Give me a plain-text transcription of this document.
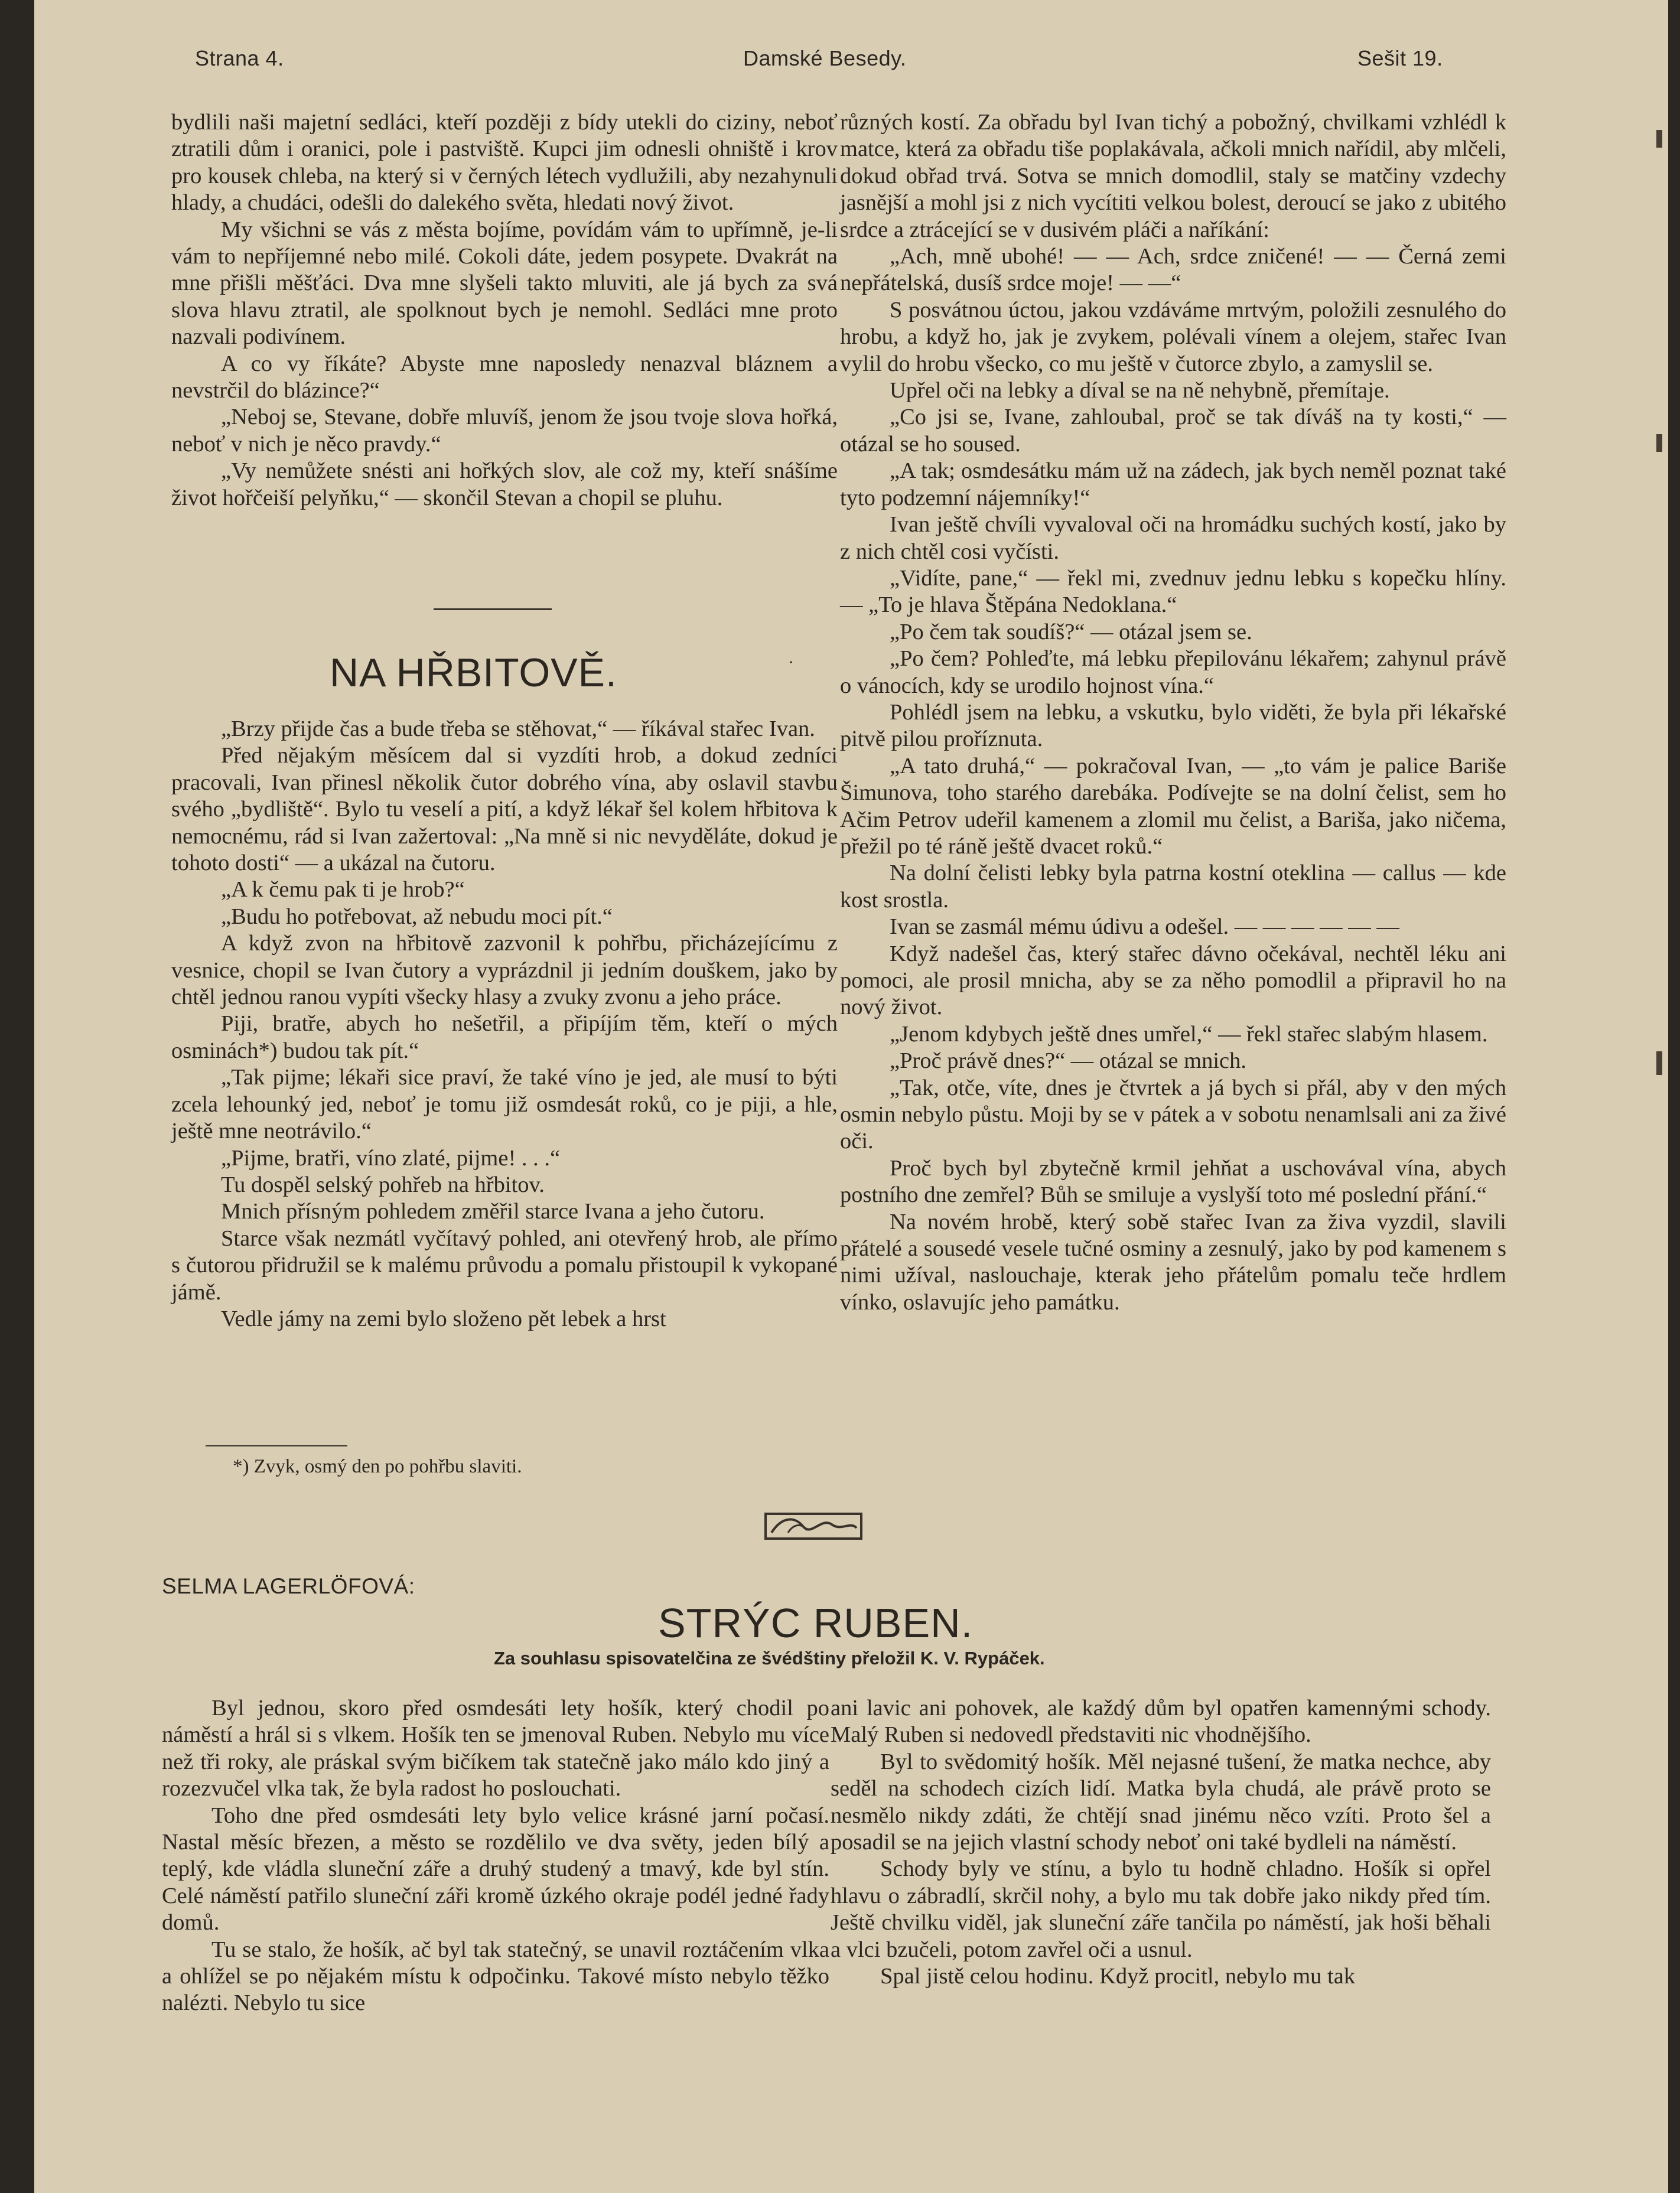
Strana 4.	Damské Besedy.	Sešit 19.

bydlili naši majetní sedláci, kteří později z bídy utekli do ciziny, neboť ztratili dům i oranici, pole i pastviště. Kupci jim odnesli ohniště i krov pro kousek chleba, na který si v černých létech vydlužili, aby nezahynuli hlady, a chudáci, odešli do dalekého světa, hledati nový život.

My všichni se vás z města bojíme, povídám vám to upřímně, je-li vám to nepříjemné nebo milé. Cokoli dáte, jedem posypete. Dvakrát na mne přišli měšťáci. Dva mne slyšeli takto mluviti, ale já bych za svá slova hlavu ztratil, ale spolknout bych je nemohl. Sedláci mne proto nazvali podivínem.

A co vy říkáte? Abyste mne naposledy nenazval bláznem a nevstrčil do blázince?“

„Neboj se, Stevane, dobře mluvíš, jenom že jsou tvoje slova hořká, neboť v nich je něco pravdy.“

„Vy nemůžete snésti ani hořkých slov, ale což my, kteří snášíme život hořčeiší pelyňku,“ — skončil Stevan a chopil se pluhu.

·
NA HŘBITOVĚ.

„Brzy přijde čas a bude třeba se stěhovat,“ — říkával stařec Ivan.

Před nějakým měsícem dal si vyzdíti hrob, a dokud zedníci pracovali, Ivan přinesl několik čutor dobrého vína, aby oslavil stavbu svého „bydliště“. Bylo tu veselí a pití, a když lékař šel kolem hřbitova k nemocnému, rád si Ivan zažertoval: „Na mně si nic nevyděláte, dokud je tohoto dosti“ — a ukázal na čutoru.

„A k čemu pak ti je hrob?“

„Budu ho potřebovat, až nebudu moci pít.“

A když zvon na hřbitově zazvonil k pohřbu, přicházejícímu z vesnice, chopil se Ivan čutory a vyprázdnil ji jedním douškem, jako by chtěl jednou ranou vypíti všecky hlasy a zvuky zvonu a jeho práce.

Piji, bratře, abych ho nešetřil, a připíjím těm, kteří o mých osminách*) budou tak pít.“

„Tak pijme; lékaři sice praví, že také víno je jed, ale musí to býti zcela lehounký jed, neboť je tomu již osmdesát roků, co je piji, a hle, ještě mne neotrávilo.“

„Pijme, bratři, víno zlaté, pijme! . . .“

Tu dospěl selský pohřeb na hřbitov.

Mnich přísným pohledem změřil starce Ivana a jeho čutoru.

Starce však nezmátl vyčítavý pohled, ani otevřený hrob, ale přímo s čutorou přidružil se k malému průvodu a pomalu přistoupil k vykopané jámě.

Vedle jámy na zemi bylo složeno pět lebek a hrst

*) Zvyk, osmý den po pohřbu slaviti.

různých kostí. Za obřadu byl Ivan tichý a pobožný, chvilkami vzhlédl k matce, která za obřadu tiše poplakávala, ačkoli mnich nařídil, aby mlčeli, dokud obřad trvá. Sotva se mnich domodlil, staly se matčiny vzdechy jasnější a mohl jsi z nich vycítiti velkou bolest, deroucí se jako z ubitého srdce a ztrácející se v dusivém pláči a naříkání:

„Ach, mně ubohé! — — Ach, srdce zničené! — — Černá zemi nepřátelská, dusíš srdce moje! — —“

S posvátnou úctou, jakou vzdáváme mrtvým, položili zesnulého do hrobu, a když ho, jak je zvykem, polévali vínem a olejem, stařec Ivan vylil do hrobu všecko, co mu ještě v čutorce zbylo, a zamyslil se.

Upřel oči na lebky a díval se na ně nehybně, přemítaje.

„Co jsi se, Ivane, zahloubal, proč se tak díváš na ty kosti,“ — otázal se ho soused.

„A tak; osmdesátku mám už na zádech, jak bych neměl poznat také tyto podzemní nájemníky!“

Ivan ještě chvíli vyvaloval oči na hromádku suchých kostí, jako by z nich chtěl cosi vyčísti.

„Vidíte, pane,“ — řekl mi, zvednuv jednu lebku s kopečku hlíny. — „To je hlava Štěpána Nedoklana.“

„Po čem tak soudíš?“ — otázal jsem se.

„Po čem? Pohleďte, má lebku přepilovánu lékařem; zahynul právě o vánocích, kdy se urodilo hojnost vína.“

Pohlédl jsem na lebku, a vskutku, bylo viděti, že byla při lékařské pitvě pilou proříznuta.

„A tato druhá,“ — pokračoval Ivan, — „to vám je palice Bariše Šimunova, toho starého darebáka. Podívejte se na dolní čelist, sem ho Ačim Petrov udeřil kamenem a zlomil mu čelist, a Bariša, jako ničema, přežil po té ráně ještě dvacet roků.“

Na dolní čelisti lebky byla patrna kostní oteklina — callus — kde kost srostla.

Ivan se zasmál mému údivu a odešel. — — — — — —

Když nadešel čas, který stařec dávno očekával, nechtěl léku ani pomoci, ale prosil mnicha, aby se za něho pomodlil a připravil ho na nový život.

„Jenom kdybych ještě dnes umřel,“ — řekl stařec slabým hlasem.

„Proč právě dnes?“ — otázal se mnich.

„Tak, otče, víte, dnes je čtvrtek a já bych si přál, aby v den mých osmin nebylo půstu. Moji by se v pátek a v sobotu nenamlsali ani za živé oči.

Proč bych byl zbytečně krmil jehňat a uschovával vína, abych postního dne zemřel? Bůh se smiluje a vyslyší toto mé poslední přání.“

Na novém hrobě, který sobě stařec Ivan za živa vyzdil, slavili přátelé a sousedé vesele tučné osminy a zesnulý, jako by pod kamenem s nimi užíval, naslouchaje, kterak jeho přátelům pomalu teče hrdlem vínko, oslavujíc jeho památku.

SELMA LAGERLÖFOVÁ:
STRÝC RUBEN.
Za souhlasu spisovatelčina ze švédštiny přeložil K. V. Rypáček.

Byl jednou, skoro před osmdesáti lety hošík, který chodil po náměstí a hrál si s vlkem. Hošík ten se jmenoval Ruben. Nebylo mu více než tři roky, ale práskal svým bičíkem tak statečně jako málo kdo jiný a rozezvučel vlka tak, že byla radost ho poslouchati.

Toho dne před osmdesáti lety bylo velice krásné jarní počasí. Nastal měsíc březen, a město se rozdělilo ve dva světy, jeden bílý a teplý, kde vládla sluneční záře a druhý studený a tmavý, kde byl stín. Celé náměstí patřilo sluneční záři kromě úzkého okraje podél jedné řady domů.

Tu se stalo, že hošík, ač byl tak statečný, se unavil roztáčením vlka a ohlížel se po nějakém místu k odpočinku. Takové místo nebylo těžko nalézti. Nebylo tu sice

ani lavic ani pohovek, ale každý dům byl opatřen kamennými schody. Malý Ruben si nedovedl představiti nic vhodnějšího.

Byl to svědomitý hošík. Měl nejasné tušení, že matka nechce, aby seděl na schodech cizích lidí. Matka byla chudá, ale právě proto se nesmělo nikdy zdáti, že chtějí snad jinému něco vzíti. Proto šel a posadil se na jejich vlastní schody neboť oni také bydleli na náměstí.

Schody byly ve stínu, a bylo tu hodně chladno. Hošík si opřel hlavu o zábradlí, skrčil nohy, a bylo mu tak dobře jako nikdy před tím. Ještě chvilku viděl, jak sluneční záře tančila po náměstí, jak hoši běhali a vlci bzučeli, potom zavřel oči a usnul.

Spal jistě celou hodinu. Když procitl, nebylo mu tak
